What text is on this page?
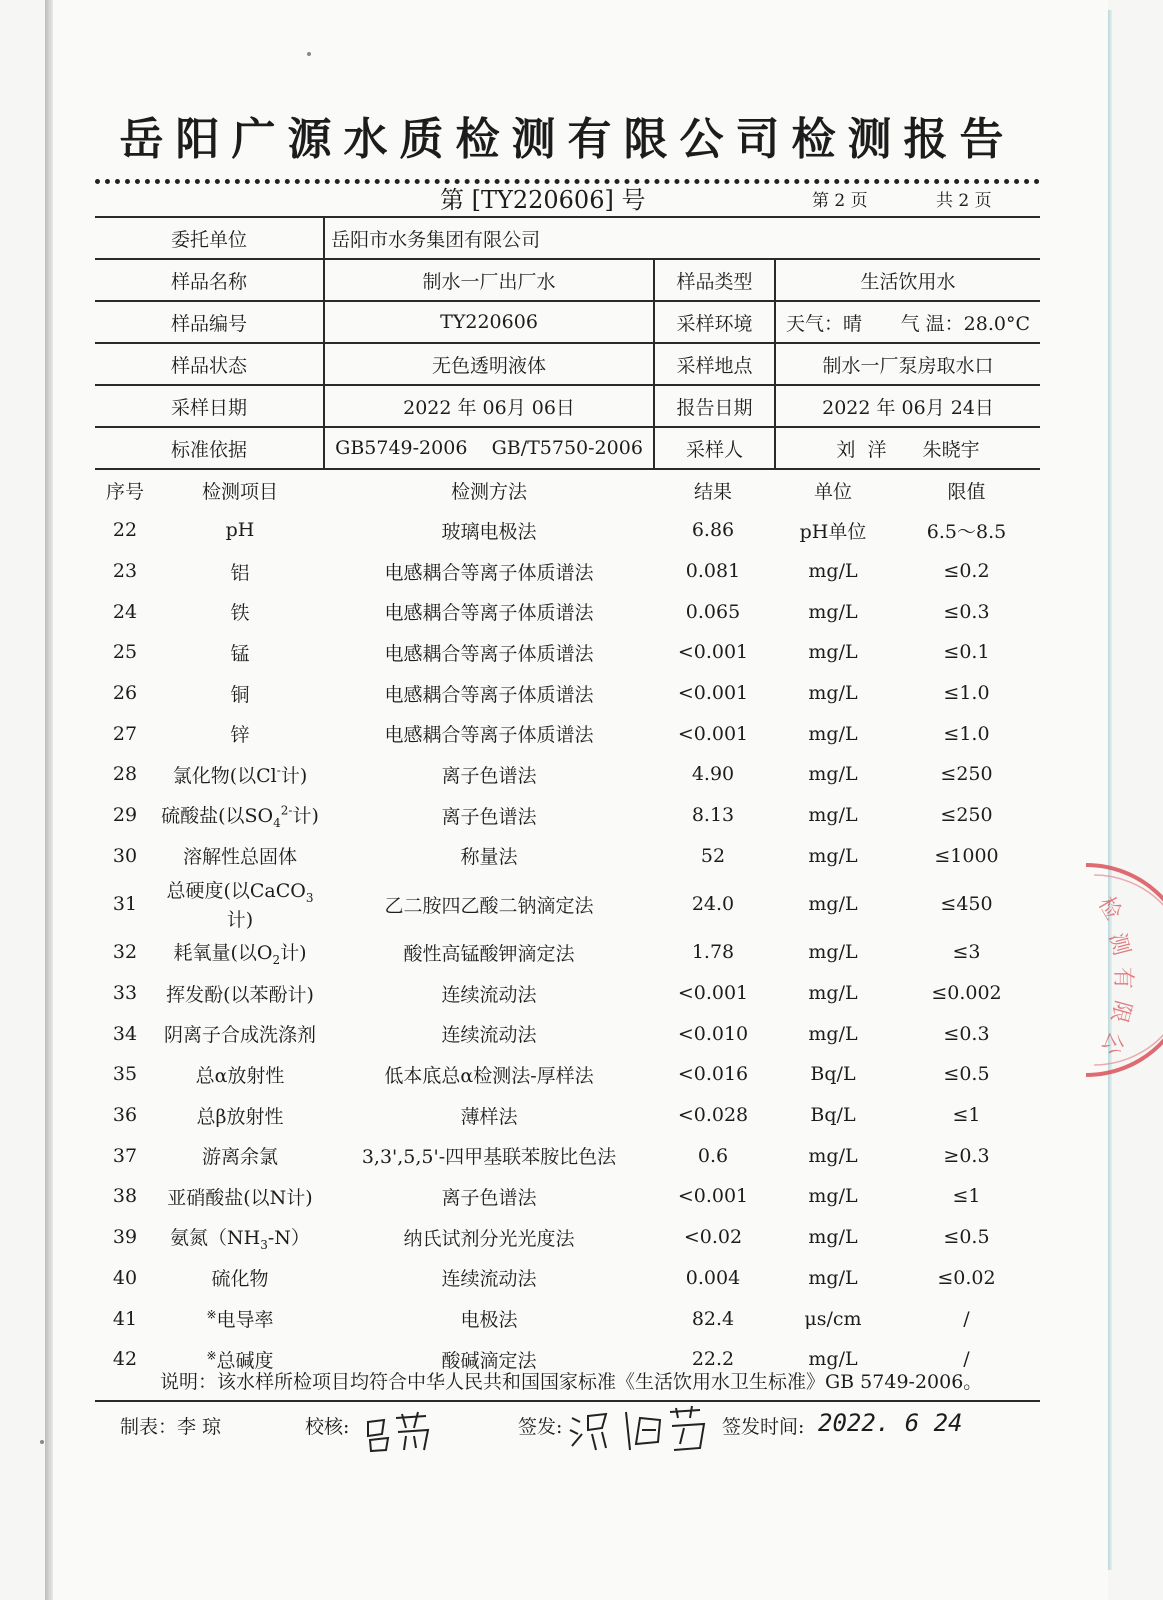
岳阳广源水质检测有限公司检测报告
第 [TY220606] 号	第 2 页	共 2 页
委托单位	岳阳市水务集团有限公司		
样品名称	制水一厂出厂水	样品类型	生活饮用水
样品编号	TY220606	采样环境	天气：晴 气 温：28.0°C

样品状态	无色透明液体	采样地点	制水一厂泵房取水口
采样日期	2022 年 06月 06日	报告日期	2022 年 06月 24日
标准依据	GB5749-2006    GB/T5750-2006	采样人	刘  洋      朱晓宇
序号	检测项目	检测方法	结果	单位	限值
22	pH	玻璃电极法	6.86	pH单位	6.5～8.5
23	铝	电感耦合等离子体质谱法	0.081	mg/L	≤0.2
24	铁	电感耦合等离子体质谱法	0.065	mg/L	≤0.3
25	锰	电感耦合等离子体质谱法	<0.001	mg/L	≤0.1
26	铜	电感耦合等离子体质谱法	<0.001	mg/L	≤1.0
27	锌	电感耦合等离子体质谱法	<0.001	mg/L	≤1.0
28	氯化物(以Cl-计)	离子色谱法	4.90	mg/L	≤250
29	硫酸盐(以$SO_4^{2-}$计)	离子色谱法	8.13	mg/L	≤250
30	溶解性总固体	称量法	52	mg/L	≤1000
31	总硬度(以CaCO$_3$计)	乙二胺四乙酸二钠滴定法	24.0	mg/L	≤450
32	耗氧量(以$O_2$计)	酸性高锰酸钾滴定法	1.78	mg/L	≤3
33	挥发酚(以苯酚计)	连续流动法	<0.001	mg/L	≤0.002
34	阴离子合成洗涤剂	连续流动法	<0.010	mg/L	≤0.3
35	总α放射性	低本底总α检测法-厚样法	<0.016	Bq/L	≤0.5
36	总β放射性	薄样法	<0.028	Bq/L	≤1
37	游离余氯	3,3',5,5'-四甲基联苯胺比色法	0.6	mg/L	≥0.3
38	亚硝酸盐(以N计)	离子色谱法	<0.001	mg/L	≤1
39	氨氮$(NH_3-N)$	纳氏试剂分光光度法	<0.02	mg/L	≤0.5
40	硫化物	连续流动法	0.004	mg/L	≤0.02
41	※电导率	电极法	82.4	μs/cm	/
42	※总碱度	酸碱滴定法	22.2	mg/L	/
说明：该水样所检项目均符合中华人民共和国国家标准《生活饮用水卫生标准》GB 5749-2006。
制表：李 琼	校核:	签发:	签发时间: 2022. 6 24
检
测
有
限
公
